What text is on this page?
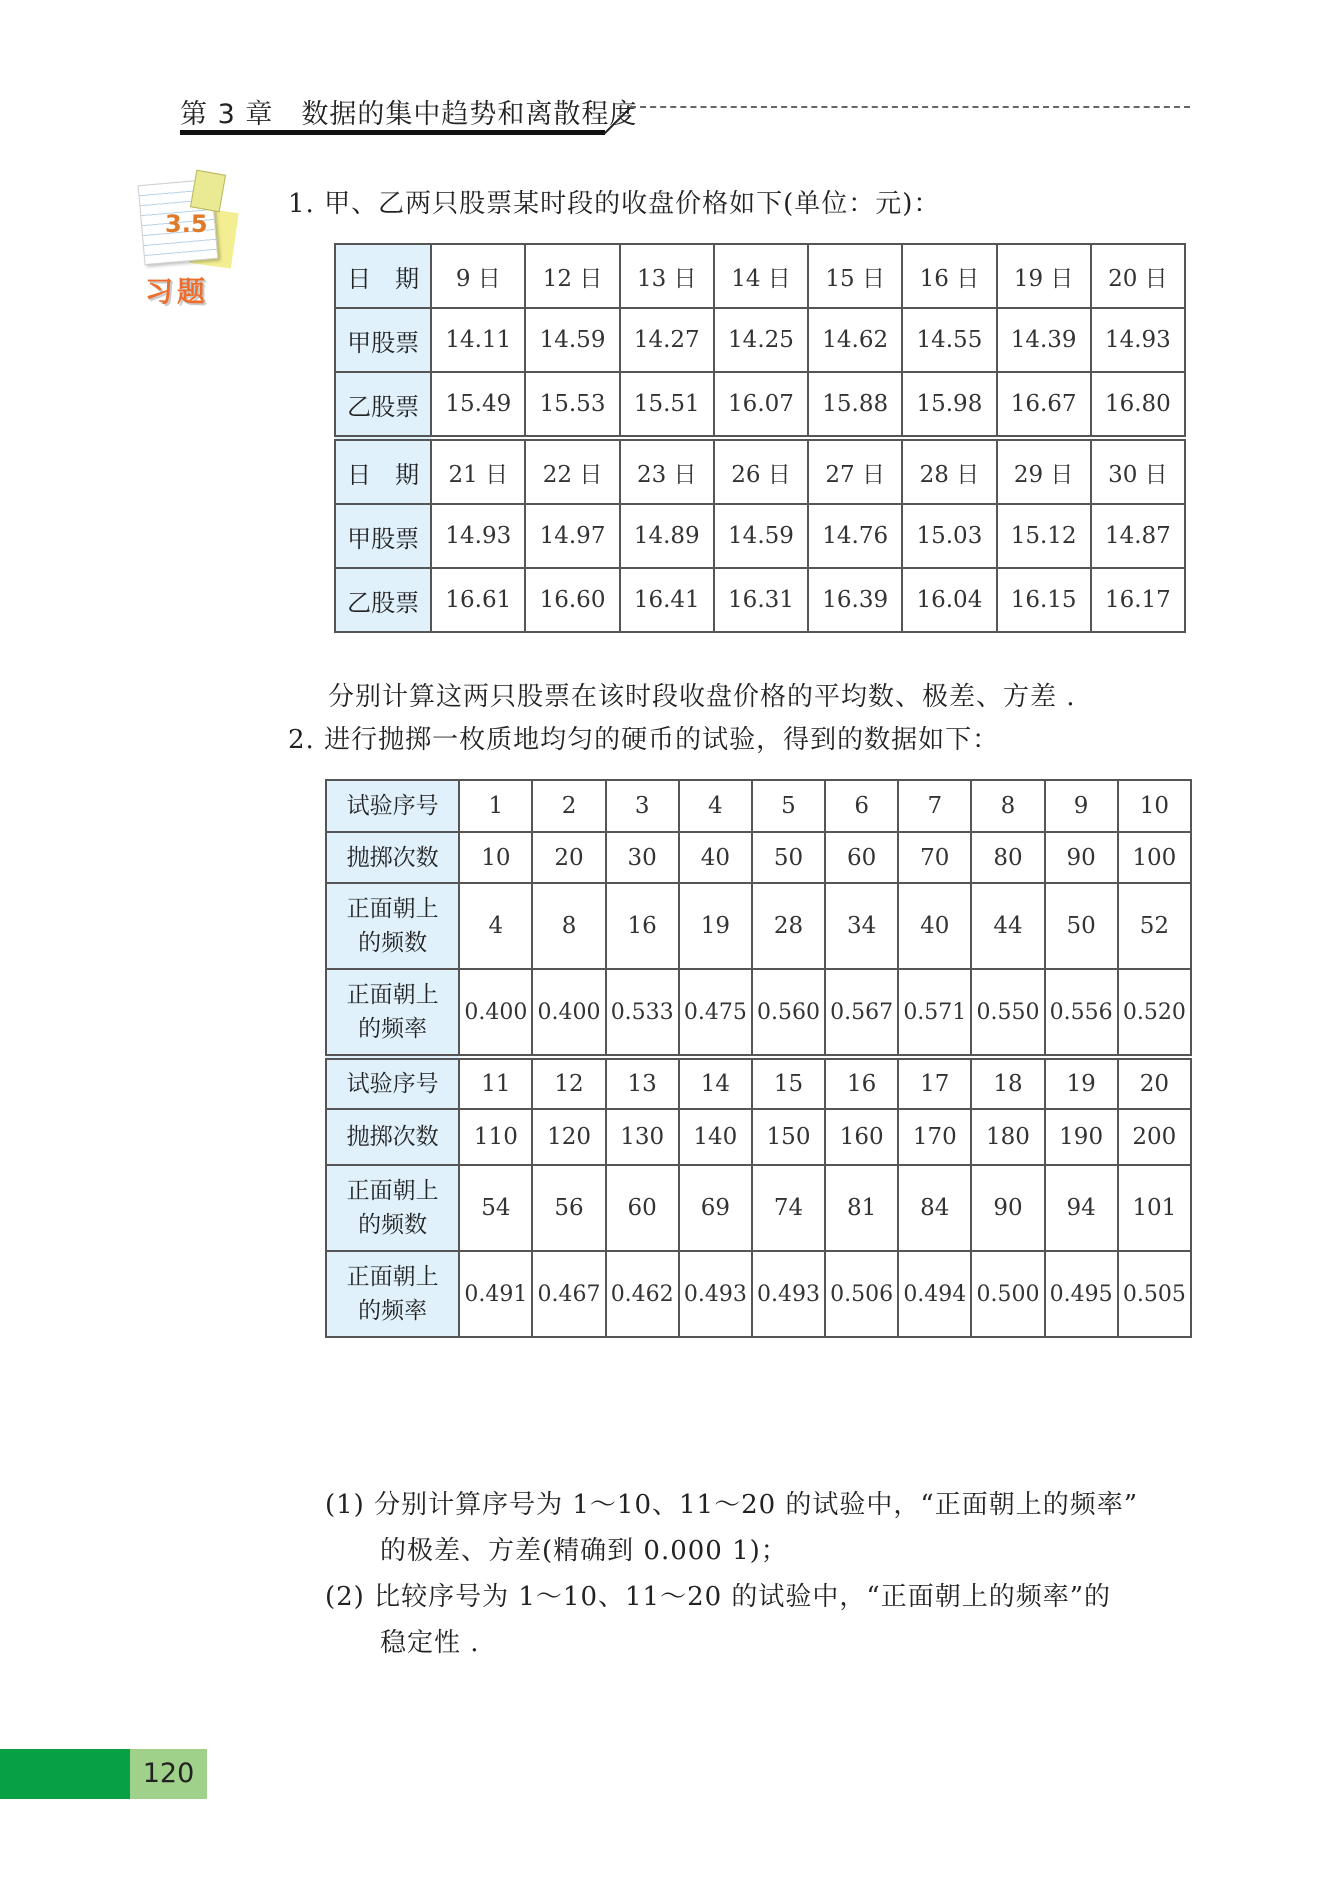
第 3 章　数据的集中趋势和离散程度
3.5
习题
1. 甲、乙两只股票某时段的收盘价格如下(单位：元)：
日　期	9 日	12 日	13 日	14 日	15 日	16 日	19 日	20 日
甲股票	14.11	14.59	14.27	14.25	14.62	14.55	14.39	14.93
乙股票	15.49	15.53	15.51	16.07	15.88	15.98	16.67	16.80
日　期	21 日	22 日	23 日	26 日	27 日	28 日	29 日	30 日
甲股票	14.93	14.97	14.89	14.59	14.76	15.03	15.12	14.87
乙股票	16.61	16.60	16.41	16.31	16.39	16.04	16.15	16.17
分别计算这两只股票在该时段收盘价格的平均数、极差、方差 .
2. 进行抛掷一枚质地均匀的硬币的试验，得到的数据如下：
试验序号	1	2	3	4	5	6	7	8	9	10
抛掷次数	10	20	30	40	50	60	70	80	90	100

正面朝上
的频数	4	8	16	19	28	34	40	44	50	52

正面朝上
的频率	0.400	0.400	0.533	0.475	0.560	0.567	0.571	0.550	0.556	0.520
试验序号	11	12	13	14	15	16	17	18	19	20
抛掷次数	110	120	130	140	150	160	170	180	190	200

正面朝上
的频数	54	56	60	69	74	81	84	90	94	101

正面朝上
的频率	0.491	0.467	0.462	0.493	0.493	0.506	0.494	0.500	0.495	0.505
(1) 分别计算序号为 1～10、11～20 的试验中，“正面朝上的频率”
的极差、方差(精确到 0.000 1)；
(2) 比较序号为 1～10、11～20 的试验中，“正面朝上的频率”的
稳定性 .
120
